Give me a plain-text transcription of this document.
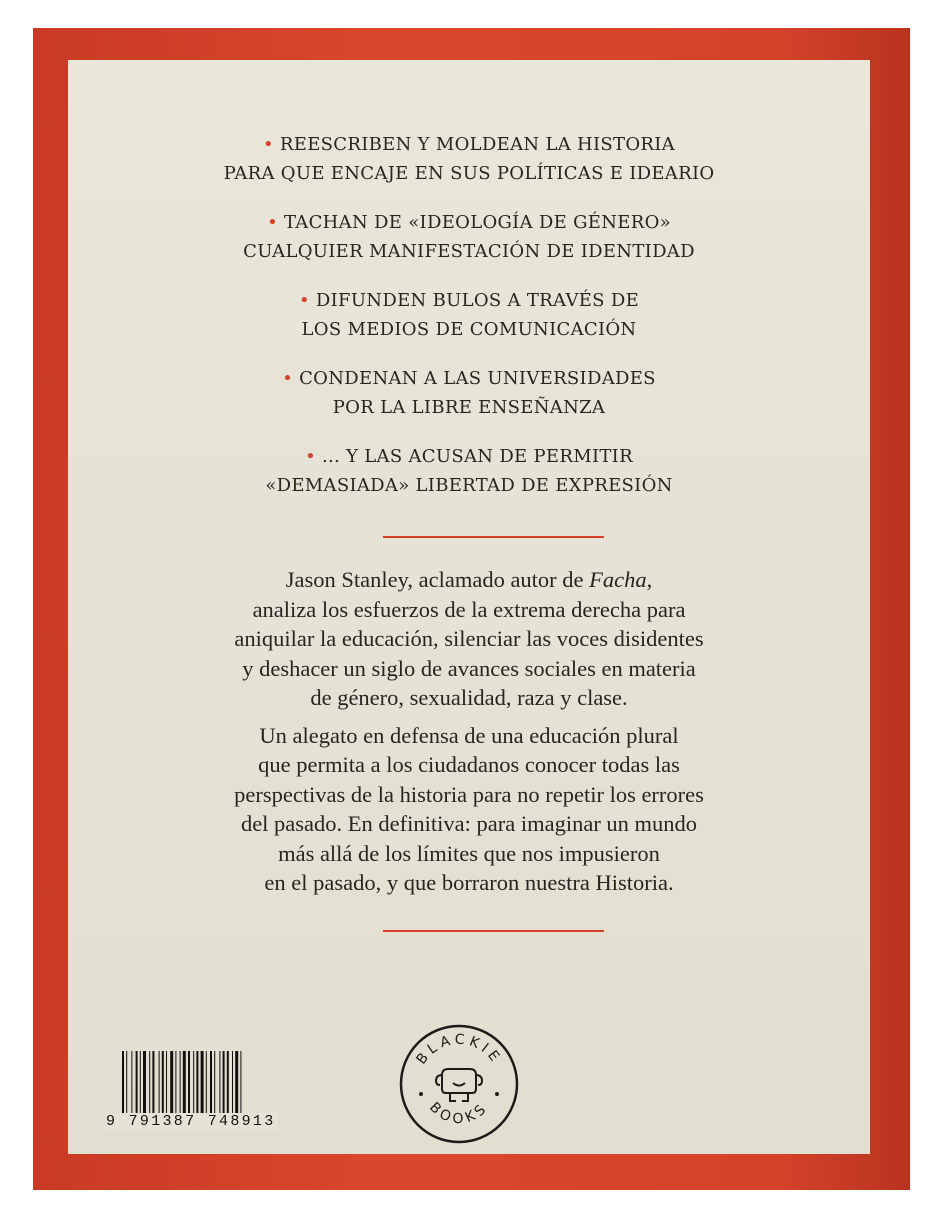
• REESCRIBEN Y MOLDEAN LA HISTORIA
PARA QUE ENCAJE EN SUS POLÍTICAS E IDEARIO
• TACHAN DE «IDEOLOGÍA DE GÉNERO»
CUALQUIER MANIFESTACIÓN DE IDENTIDAD
• DIFUNDEN BULOS A TRAVÉS DE
LOS MEDIOS DE COMUNICACIÓN
• CONDENAN A LAS UNIVERSIDADES
POR LA LIBRE ENSEÑANZA
• ... Y LAS ACUSAN DE PERMITIR
«DEMASIADA» LIBERTAD DE EXPRESIÓN

Jason Stanley, aclamado autor de Facha,
analiza los esfuerzos de la extrema derecha para
aniquilar la educación, silenciar las voces disidentes
y deshacer un siglo de avances sociales en materia
de género, sexualidad, raza y clase.

Un alegato en defensa de una educación plural
que permita a los ciudadanos conocer todas las
perspectivas de la historia para no repetir los errores
del pasado. En definitiva: para imaginar un mundo
más allá de los límites que nos impusieron
en el pasado, y que borraron nuestra Historia.

9 791387 748913
BLACKIE
BOOKS
